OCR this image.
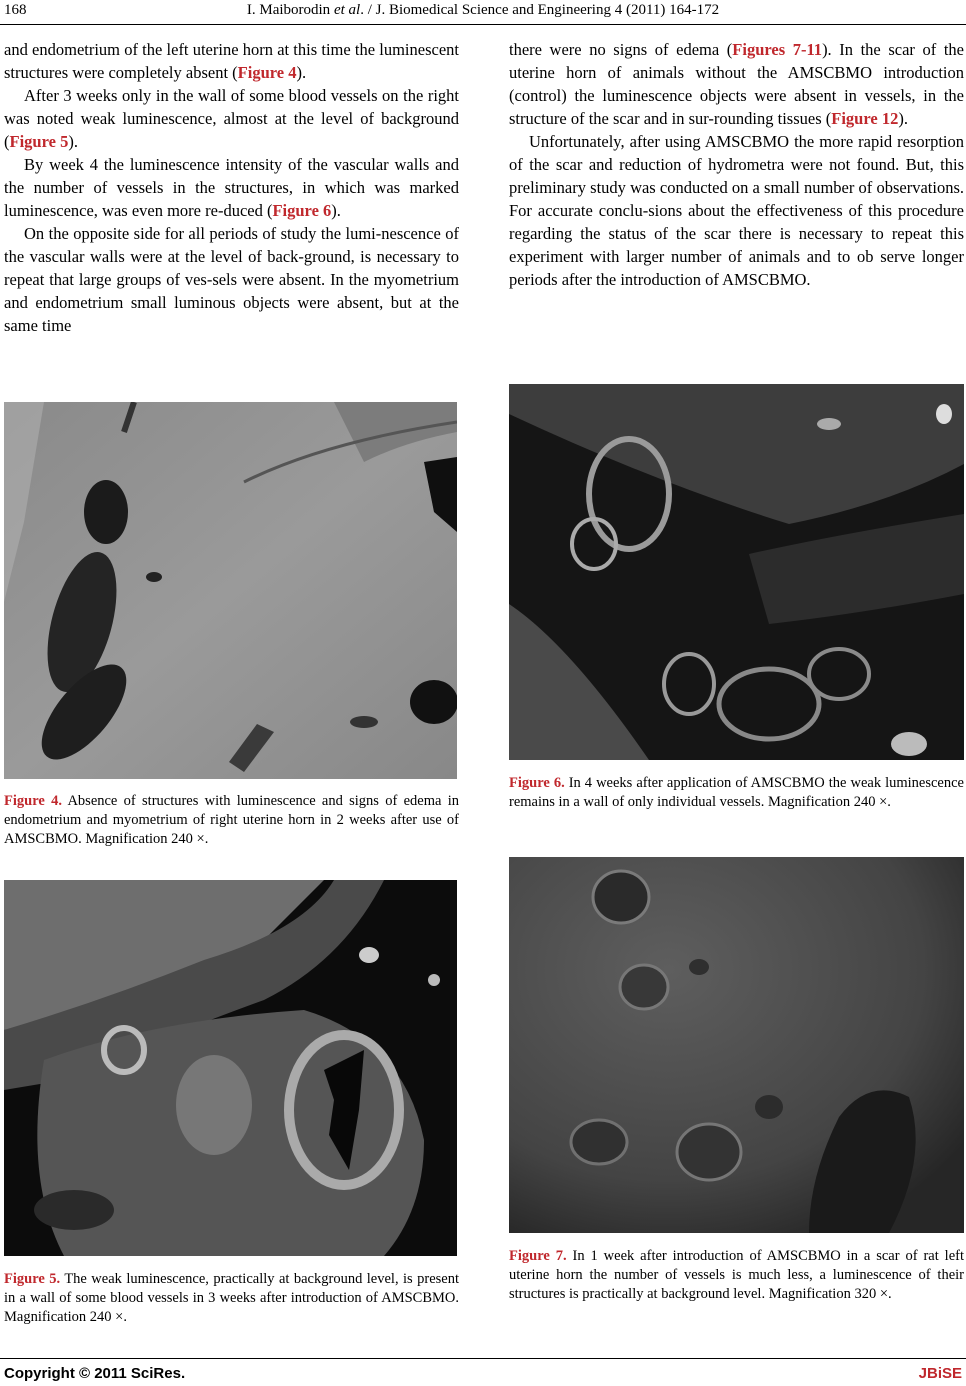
168	I. Maiborodin et al. / J. Biomedical Science and Engineering 4 (2011) 164-172

and endometrium of the left uterine horn at this time the luminescent structures were completely absent (Figure 4).

After 3 weeks only in the wall of some blood vessels on the right was noted weak luminescence, almost at the level of background (Figure 5).

By week 4 the luminescence intensity of the vascular walls and the number of vessels in the structures, in which was marked luminescence, was even more re-duced (Figure 6).

On the opposite side for all periods of study the lumi-nescence of the vascular walls were at the level of back-ground, is necessary to repeat that large groups of ves-sels were absent. In the myometrium and endometrium small luminous objects were absent, but at the same time

there were no signs of edema (Figures 7-11). In the scar of the uterine horn of animals without the AMSCBMO introduction (control) the luminescence objects were absent in vessels, in the structure of the scar and in sur-rounding tissues (Figure 12).

Unfortunately, after using AMSCBMO the more rapid resorption of the scar and reduction of hydrometra were not found. But, this preliminary study was conducted on a small number of observations. For accurate conclu-sions about the effectiveness of this procedure regarding the status of the scar there is necessary to repeat this experiment with larger number of animals and to ob serve longer periods after the introduction of AMSCBMO.

Figure 4. Absence of structures with luminescence and signs of edema in endometrium and myometrium of right uterine horn in 2 weeks after use of AMSCBMO. Magnification 240 ×.
Figure 5. The weak luminescence, practically at background level, is present in a wall of some blood vessels in 3 weeks after introduction of AMSCBMO. Magnification 240 ×.
Figure 6. In 4 weeks after application of AMSCBMO the weak luminescence remains in a wall of only individual vessels. Magnification 240 ×.
Figure 7. In 1 week after introduction of AMSCBMO in a scar of rat left uterine horn the number of vessels is much less, a luminescence of their structures is practically at background level. Magnification 320 ×.
Copyright © 2011 SciRes.	JBiSE
